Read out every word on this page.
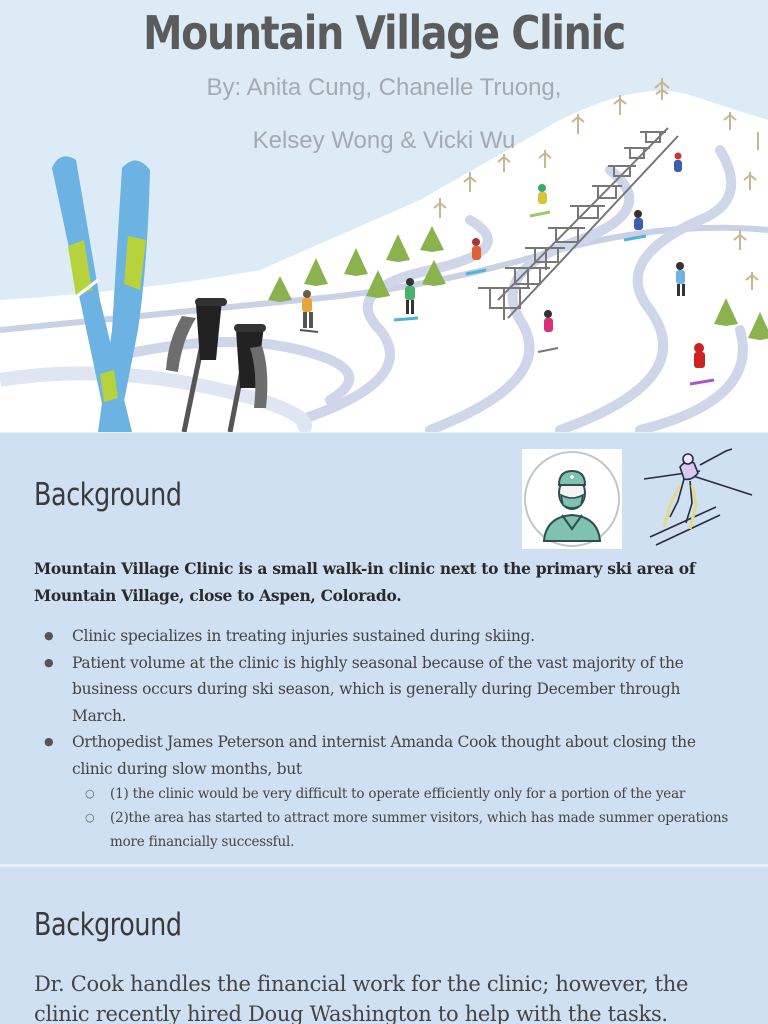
Mountain Village Clinic

By: Anita Cung, Chanelle Truong,

Kelsey Wong & Vicki Wu

Background

Mountain Village Clinic is a small walk-in clinic next to the primary ski area of Mountain Village, close to Aspen, Colorado.

● Clinic specializes in treating injuries sustained during skiing.
● Patient volume at the clinic is highly seasonal because of the vast majority of the business occurs during ski season, which is generally during December through March.
● Orthopedist James Peterson and internist Amanda Cook thought about closing the clinic during slow months, but
○ (1) the clinic would be very difficult to operate efficiently only for a portion of the year
○ (2)the area has started to attract more summer visitors, which has made summer operations more financially successful.
Background

Dr. Cook handles the financial work for the clinic; however, the clinic recently hired Doug Washington to help with the tasks.
